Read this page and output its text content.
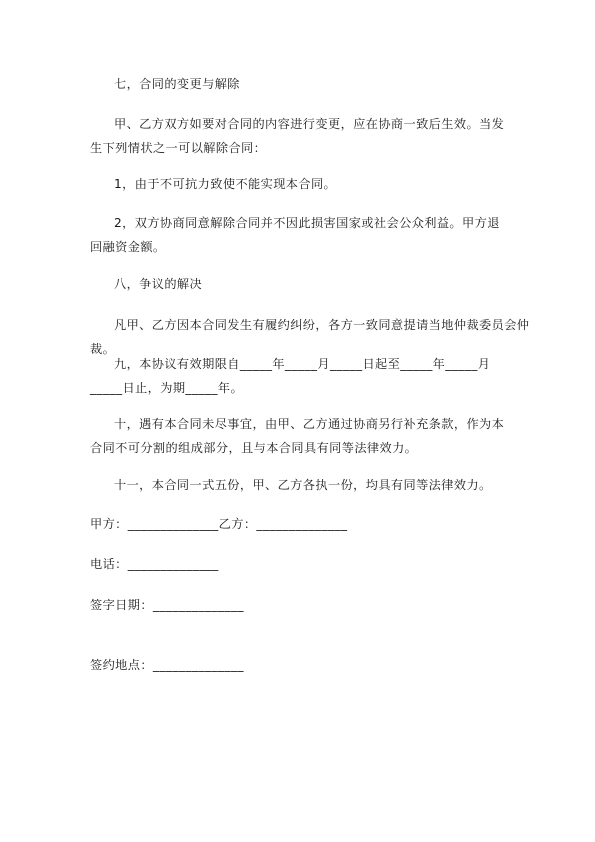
七，合同的变更与解除

甲、乙方双方如要对合同的内容进行变更，应在协商一致后生效。当发生下列情状之一可以解除合同：

1，由于不可抗力致使不能实现本合同。

2，双方协商同意解除合同并不因此损害国家或社会公众利益。甲方退回融资金额。

八，争议的解决

凡甲、乙方因本合同发生有履约纠纷，各方一致同意提请当地仲裁委员会仲裁。

九，本协议有效期限自_____年_____月_____日起至_____年_____月_____日止，为期_____年。

十，遇有本合同未尽事宜，由甲、乙方通过协商另行补充条款，作为本合同不可分割的组成部分，且与本合同具有同等法律效力。

十一，本合同一式五份，甲、乙方各执一份，均具有同等法律效力。

甲方：______________乙方：______________
电话：______________
签字日期：______________
签约地点：______________
